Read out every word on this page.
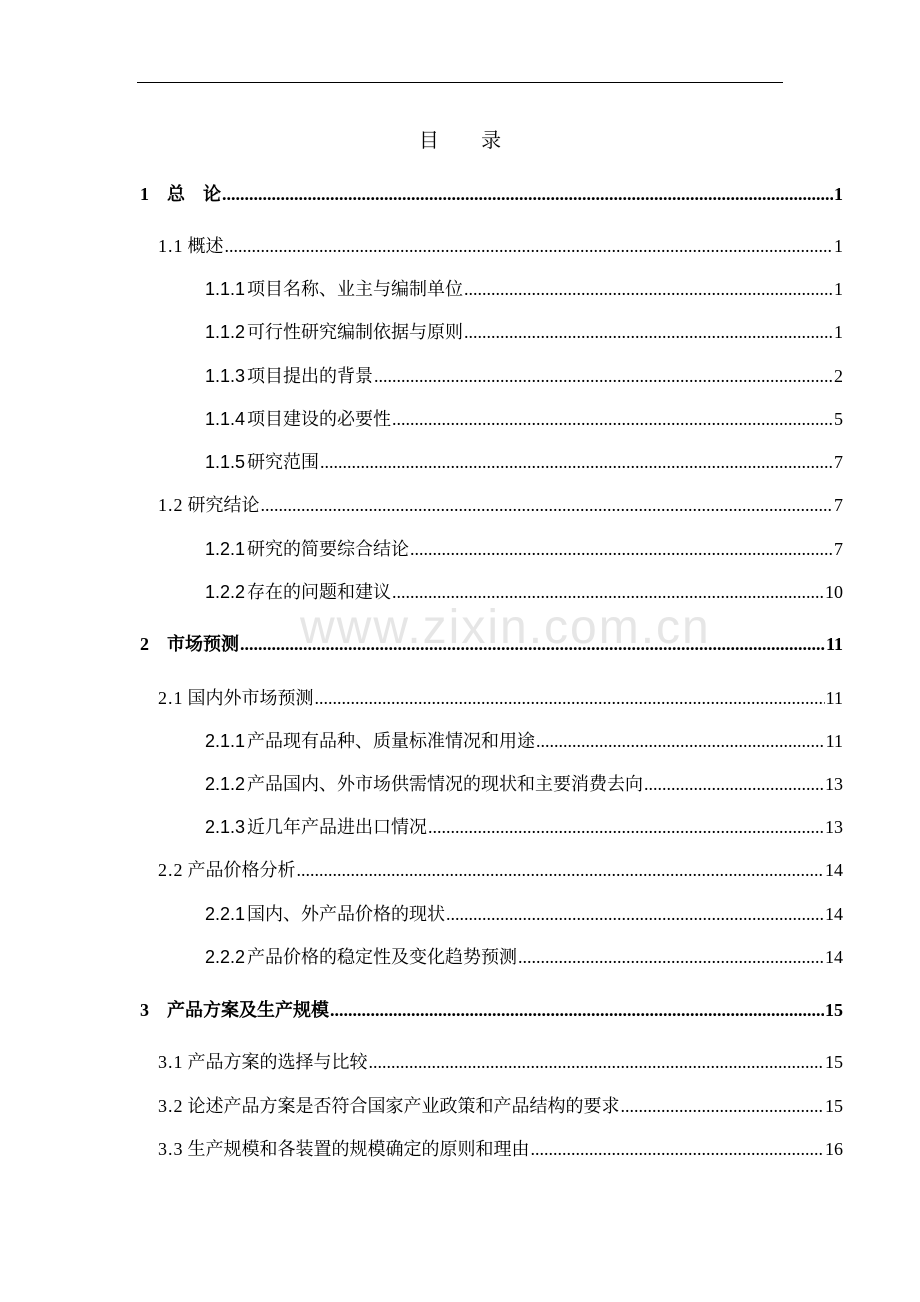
目 录
www.zixin.com.cn
1 总　论 .....	1
1.1 概述 .....	1
1.1.1 项目名称、业主与编制单位 .....	1
1.1.2 可行性研究编制依据与原则 .....	1
1.1.3 项目提出的背景 .....	2
1.1.4 项目建设的必要性 .....	5
1.1.5 研究范围 .....	7
1.2 研究结论 .....	7
1.2.1 研究的简要综合结论 .....	7
1.2.2 存在的问题和建议 .....	10
2 市场预测 .....	11
2.1 国内外市场预测 .....	11
2.1.1 产品现有品种、质量标准情况和用途 .....	11
2.1.2 产品国内、外市场供需情况的现状和主要消费去向 .....	13
2.1.3 近几年产品进出口情况 .....	13
2.2 产品价格分析 .....	14
2.2.1 国内、外产品价格的现状 .....	14
2.2.2 产品价格的稳定性及变化趋势预测 .....	14
3 产品方案及生产规模 .....	15
3.1 产品方案的选择与比较 .....	15
3.2 论述产品方案是否符合国家产业政策和产品结构的要求 .....	15
3.3 生产规模和各装置的规模确定的原则和理由 .....	16
